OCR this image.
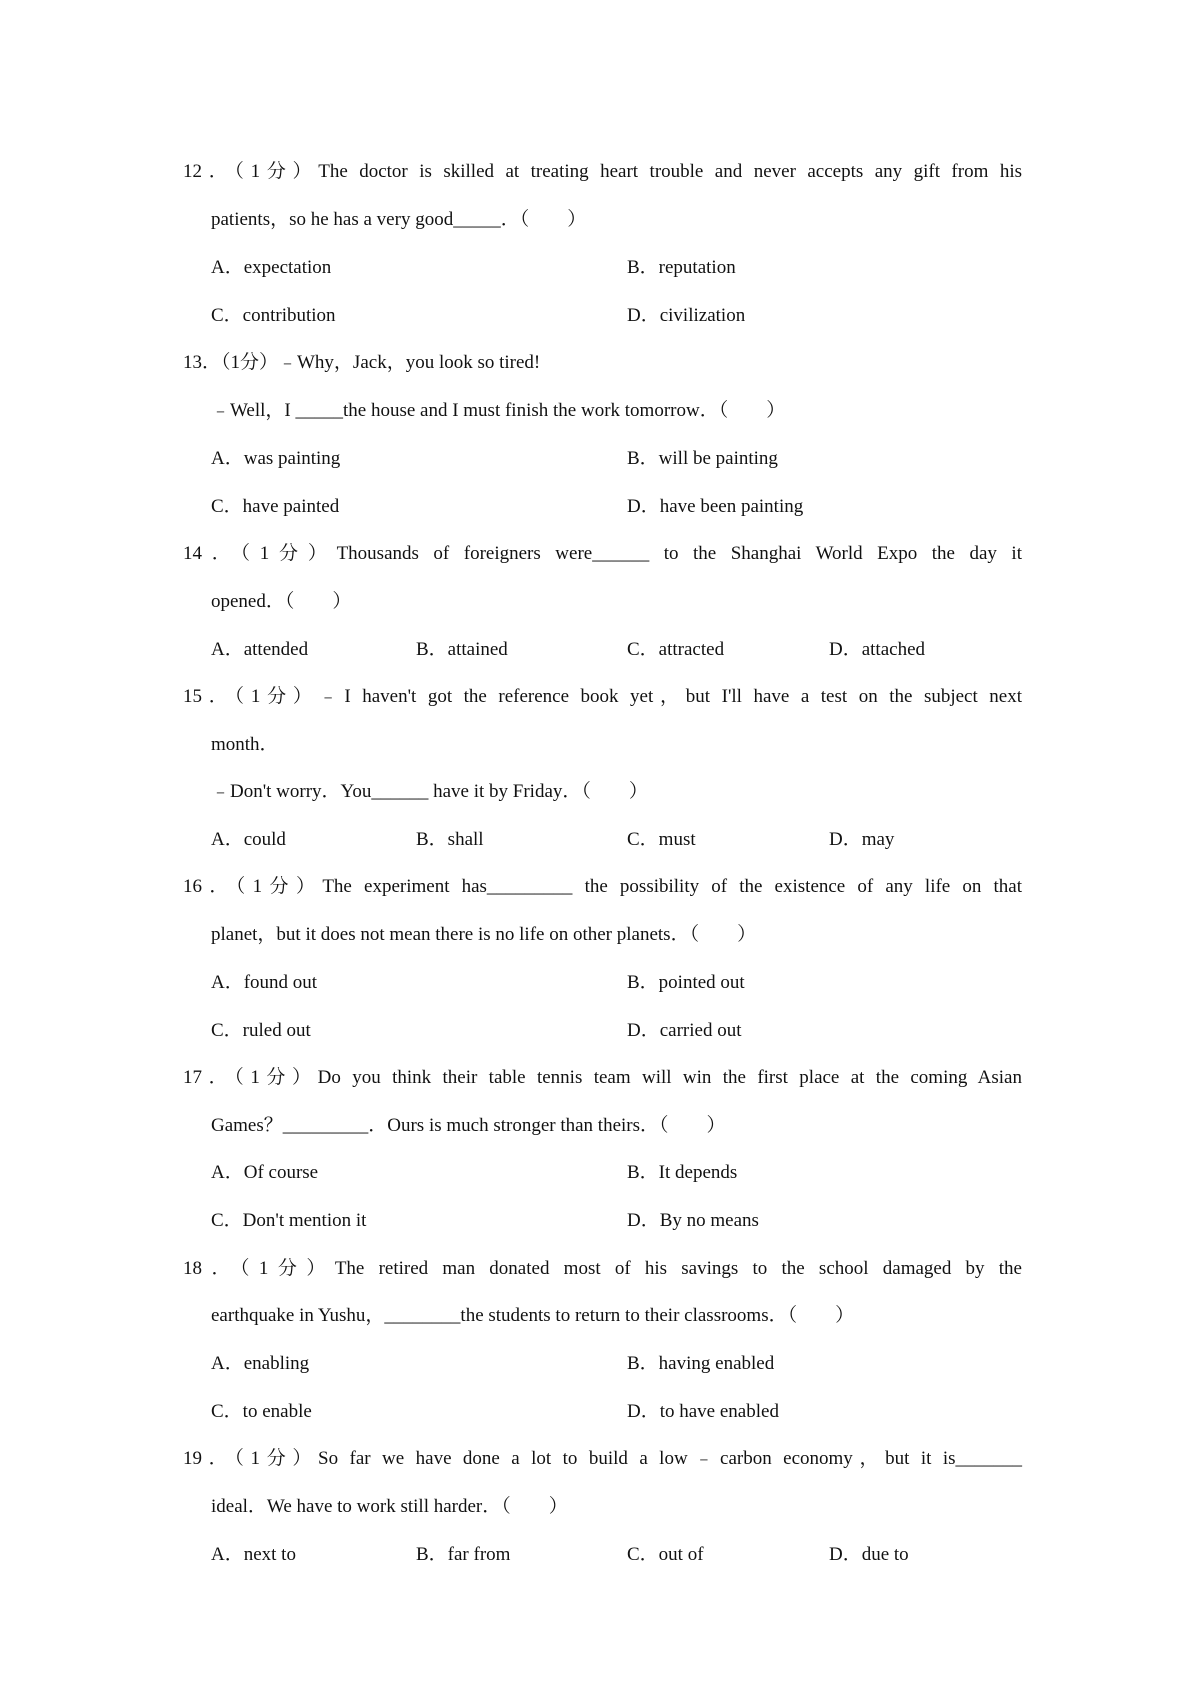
12．（1分）The doctor is skilled at treating heart trouble and never accepts any gift from his
patients，so he has a very good_____．（　　）
A．expectation	B．reputation
C．contribution	D．civilization
13．（1分）﹣Why，Jack，you look so tired!
﹣Well，I _____the house and I must finish the work tomorrow．（　　）
A．was painting	B．will be painting
C．have painted	D．have been painting
14．（1分）Thousands of foreigners were______ to the Shanghai World Expo the day it
opened．（　　）
A．attended	B．attained	C．attracted	D．attached
15．（1分）﹣I haven't got the reference book yet，but I'll have a test on the subject next
month．
﹣Don't worry．You______ have it by Friday．（　　）
A．could	B．shall	C．must	D．may
16．（1分）The experiment has_________ the possibility of the existence of any life on that
planet，but it does not mean there is no life on other planets．（　　）
A．found out	B．pointed out
C．ruled out	D．carried out
17．（1分）Do you think their table tennis team will win the first place at the coming Asian
Games？_________．Ours is much stronger than theirs．（　　）
A．Of course	B．It depends
C．Don't mention it	D．By no means
18．（1分）The retired man donated most of his savings to the school damaged by the
earthquake in Yushu，________the students to return to their classrooms．（　　）
A．enabling	B．having enabled
C．to enable	D．to have enabled
19．（1分）So far we have done a lot to build a low﹣carbon economy，but it is_______
ideal．We have to work still harder．（　　）
A．next to	B．far from	C．out of	D．due to
